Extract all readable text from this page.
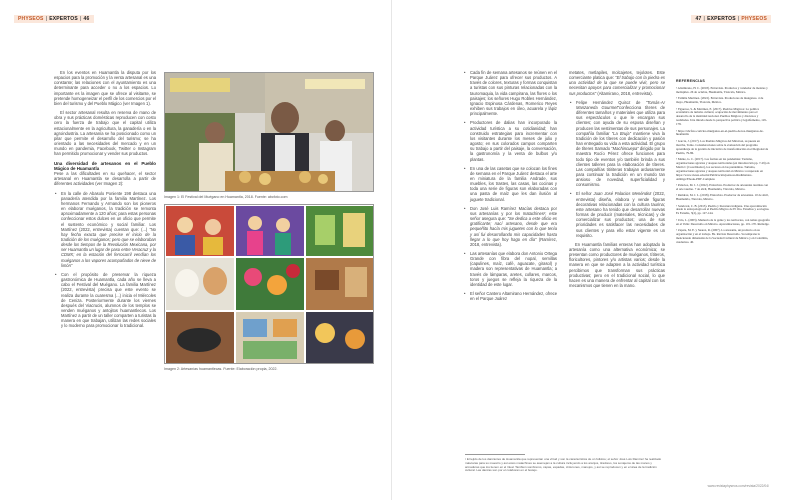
PHYSEOS | EXPERTOS | 46

En los eventos en Huamantla la disputa por los espacios para la promoción y la venta artesanal es una constante; las relaciones con el ayuntamiento es una determinante para acceder o no a los espacios. Lo importante es la imagen que se ofrece al visitante, se pretende homogeneizar el perfil de los comercios por el bien del turismo y del Pueblo Mágico (ver Imagen 1).

El sector artesanal resulta en reserva de mano de obra y sus prácticas domésticas reproducen con costo cero la fuerza de trabajo que el capital utiliza estacionalmente en la agricultura, la ganadería o en la agroindustria. La artesanía se ha posicionado como un pilar que permite el desarrollo del turismo; se ha orientado a las necesidades del mercado y en un mundo en pandemia, Facebook, Twitter o Instagram han permitido promocionar y vender sus productos.

Una diversidad de artesanos en el Pueblo Mágico de Huamantla

Pese a las dificultades en su quehacer, el sector artesanal en Huamantla se desarrolla a partir de diferentes actividades (ver Imagen 2):

• En la calle de Abasolo Poniente 198 destaca una panadería atendida por la familia Martínez. Los hermanos Fernando y Armando son los pioneros en elaborar muéganos, la tradición se remonta aproximadamente a 120 años; para estas personas confeccionar estos dulces en un oficio que permite el sustento económico y social familiar. Los Martínez (2022, entrevista) cuentan que: (...) “No hay fecha exacta que precise el inicio de la tradición de los muéganos; pero que se elaboraban desde los tiempos de la Revolución Mexicana, por ser Huamantla un lugar de paso entre Veracruz y la CDMX; en la estación del ferrocarril vendían los muéganos a los vapores acompañados de nieve de limón”
• Con el propósito de preservar la riqueza gastronómica de Huamantla, cada año se lleva a cabo el Festival del Muégano. La familia Martínez (2022, entrevista) precisa que este evento se realiza durante la cuaresma (...) inicia el Miércoles de Ceniza. Posteriormente durante los viernes después del Viacrucis, alumnos de los templos se venden muéganos y antojitos huamantlecos. Los Martínez a partir de un taller comparten a turistas la manera en que trabajan, utilizan las redes sociales y lo moderno para promocionar lo tradicional.
Imagen 1: El Festival del Muégano en Huamantla, 2018. Fuente: abcfoto.com
Imagen 2: Artesanías huamantlecas. Fuente: Elaboración propia, 2022.
47 | EXPERTOS | PHYSEOS
• Cada fin de semana artesanos se reúnen en el Parque Juárez para ofrecer sus productos. A través de colores, texturas y formas conquistan a turistas con sus pinturas relacionadas con la tauromaquia, la vida campirana, las flores o los paisajes; los señores Hugo Robles Hernández, Ignacio Espinosa Cárdenas, Romerico Reyes exhiben sus trabajos en óleo, acuarela y lápiz principalmente.
• Productores de dalias han incorporado la actividad turística a su cotidianidad; han construido estrategias para incrementar con los visitantes durante los meses de julio y agosto; en sus colorados campos comparten su trabajo a partir del paisaje, la conversación, la gastronomía y la venta de bulbos y/o plantas.
• En una de las casetas que se colocan los fines de semana en el Parque Juárez destaca el arte en miniatura de la familia Andrade, sus muebles, los trastes, las casas, las cocinas y toda una serie de figuras son elaboradas con una pasta de maíz que les dan ilusión al juguete tradicional.
• Don José Luis Ramírez Macías destaca por sus artesanías y por los matachines¹; este señor asegura que: “Se dedica a este oficio es gratificante; nací artesano, desde que era pequeñito hacía mis juguetes con lo que tenía y así fui desarrollando mis capacidades hasta llegar a lo que hoy hago en día” (Ramírez, 2018, entrevista).
• Las artesanías que elabora don Antonio Ortega Grande con fibra del nopal, semillas (capulines, maíz, café, aguacate, girasol) y madera son representativas de Huamantla; a través de lámparas, aretes, collares, marcos, toros y juegos se refleja la riqueza de la identidad de este lugar.
• El señor Cantero Altamirano Hernández, ofrece en el Parque Juárez

metates, metlapiles, molcajetes, tejolotes. Este comerciante platica que: “El trabajo con la piedra es una actividad de la que se puede vivir, pero se necesitan apoyos para comercializar y promocionar sus productos” (Altamirano, 2018, entrevista).

• Felipe Hernández Quiroz de “Tomás-Ar Manzaneda Gourmet”confecciona títeres de diferentes tamaños y materiales que utiliza para sus espectáculos o que le encargan sus clientes; con ayuda de su esposa diseñan y producen las vestimentas de sus personajes. La compañía familiar “La Bruja” mantiene viva la tradición de los títeres con dedicación y pasión han entregado su vida a esta actividad. El grupo de títeres Samado “Machincuepa” dirigido por la maestra Rocío Pérez ofrece funciones para todo tipo de eventos y/o también brinda a sus clientes talleres para la elaboración de títeres. Las compañías titiriteras trabajan ardusamente para continuar la tradición en un mundo tan ansioso de novedad, superficialidad y consumismo.
• El señor Juan José Palacios Menéndez (2022, entrevista) diseña, elabora y vende figuras decorativas relacionadas con la cultura taurina; este artesano ha tenido que desarrollar nuevas formas de producir (materiales, técnicas) y de comercializar sus productos; una de sus prioridades es satisfacer las necesidades de sus clientes y para ello estar vigente es un requisito.

En Huamantla familias enteras han adoptado la artesanía como una alternativa económica; se presentan como productores de muéganos, títiteros, floricultores, pintores y/o artistas varios; desde la manera en que se adapten a la actividad turística percibimos que transforman sus prácticas productivas; pero en el tradicional social, lo que hacen es una manera de enfrentar al capital con los mecanismos que tienen en la mano.

REFERENCIAS
• Altamirano, H. C. (2018). Entrevista. Productos y vendedor de metates y metlapiles. 26 de octubre, Huamantla, Tlaxcala, México.
• Familia Martínez. (2022). Entrevista. Productores de muéganos. 4 de mayo, Huamantla, Tlaxcala, México.
• Figueroa, S. & Martínez, E. (2017). Pueblos Mágicos: La política económica de turismo cultural, ocupación de movimientos para el desarrollo de la identidad nacional. Pueblos Mágicos y discursos y realidades. Una mirada desde la perspectiva política y legalfomento, 145-178.
• https://abcfoto.com/los-muéganos-en-el-pueblo-de-los-muéganos-de-huamantla
• García, J. (2017). Los Pueblos Mágicos del Méxicon, su puesta en marcha, Tomo. Consideraciones sobre la evaluación del programa aprendizaje de la gestión de iniciativa de transformación en el Regional de Puebla, 79-86.
• Mante, G. C. (2017). Las formas en las pandemias: Turismo, organizaciones agrarias y ataques territoriales (en introducción pp. 7-29) en Marín C (Coordinador), los sectores en las pandemias. Turismo, organizaciones agrarias y ataques territorial en México: recuperado en https://www.ciesas.edu.mx/Publicación/pensosa-Rudimentos-Ambigo/Ebook-PDF-Completo
• Palacios, M. J. J. (2022). Entrevista. Productor de artesanías taurinas con el arte taurino. 7 de abril, Huamantla, Tlaxcala, México.
• Ramírez, M. J. L. (2018). Entrevista. Productor de artesanías. 10 de abril, Huamantla, Tlaxcala, México.
• Sandoval, C. B. (2013). Pueblo y literatura indígena. Una aproximación desde la antropología en el Pueblo Mágico de El Oro. Estudios y ecologías. Es Estudio, 3(2), pp. 127-144.
• Uria, L. (2003). Memoria de la gente y los territorios, con temas geografía en el Valle: Desarrollo en México. Aproximaciones, pp. 101-170. Rutledge.
• Zapata, M. E. y Suarez, R. (2007). La artesanía, un producto en su organización y en el trabajo. Bs. Revista Desarrollo. Su temprana la mencionado dimensión de la Sociedad Cultural de México y en Colombia, cuadernos. 40.
www.revistaphyseos.com/revista/2022/04/
¹ El tejido de los danzantes de Huamantla que representan una virtud y son la característica de un folklore; el señor José Luis Ramírez ha realizado máscaras para su maestro y así estos matachines se asemejan a la cultura incluyendo a los aranjos, tiradores, los sonajeros de las manos y armaduras que los tienen en el ritual. También sombreros, capas, espadas, cinturones, manojos, y así se reproducen y en el área de la tradición cultural. Las danzas son por el colaboran en el festejo.
